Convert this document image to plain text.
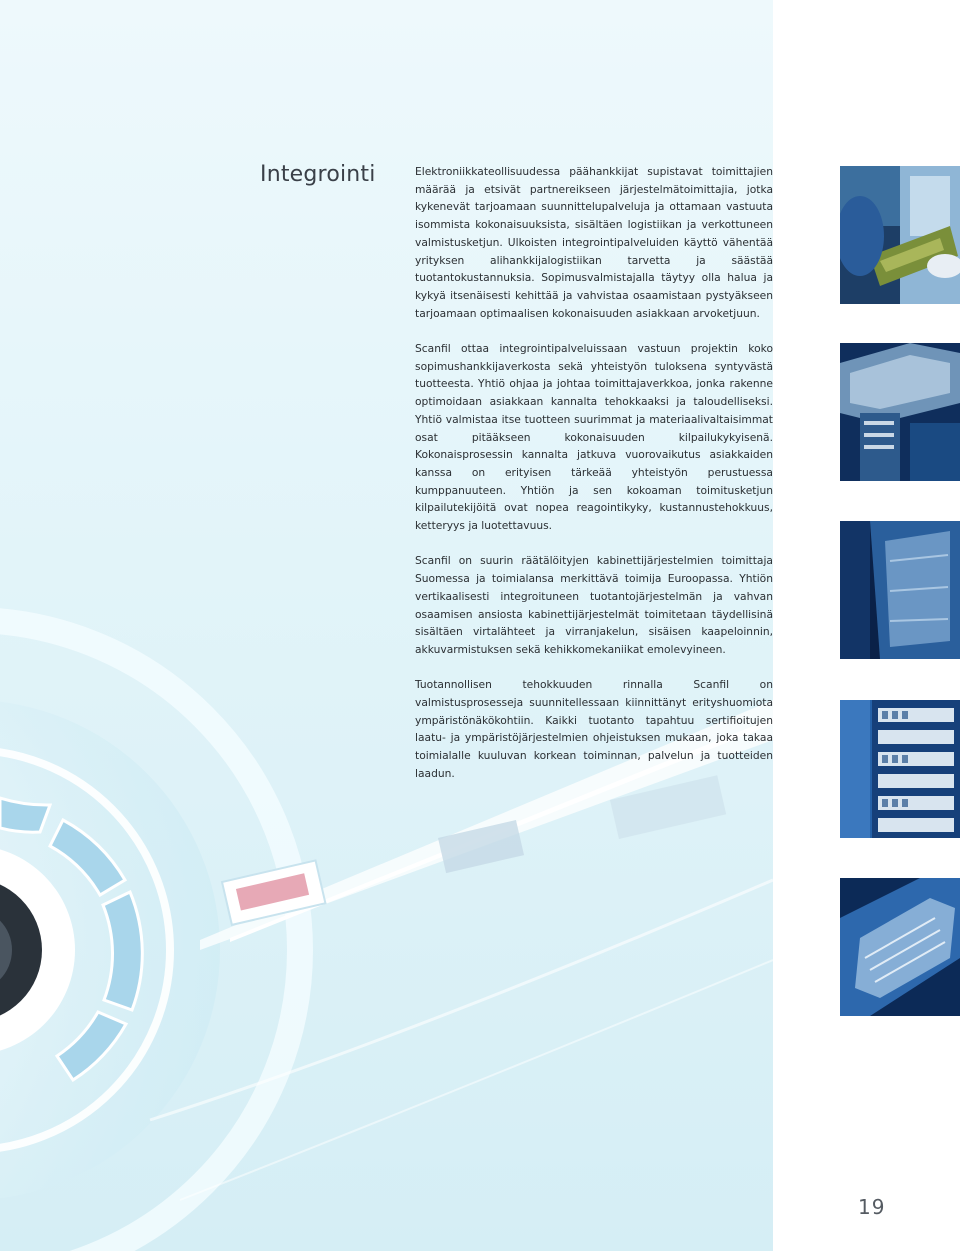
Integrointi	Elektroniikkateollisuudessa päähankkijat supistavat toimittajien määrää ja etsivät partnereikseen järjestelmätoimittajia, jotka kykenevät tarjoamaan suunnittelupalveluja ja ottamaan vastuuta isommista kokonaisuuksista, sisältäen logistiikan ja verkottuneen valmistusketjun. Ulkoisten integrointipalveluiden käyttö vähentää yrityksen alihankkijalogistiikan tarvetta ja säästää tuotantokustannuksia. Sopimusvalmistajalla täytyy olla halua ja kykyä itsenäisesti kehittää ja vahvistaa osaamistaan pystyäkseen tarjoamaan optimaalisen kokonaisuuden asiakkaan arvoketjuun.

Scanfil ottaa integrointipalveluissaan vastuun projektin koko sopimushankkijaverkosta sekä yhteistyön tuloksena syntyvästä tuotteesta. Yhtiö ohjaa ja johtaa toimittajaverkkoa, jonka rakenne optimoidaan asiakkaan kannalta tehokkaaksi ja taloudelliseksi. Yhtiö valmistaa itse tuotteen suurimmat ja materiaalivaltaisimmat osat pitääkseen kokonaisuuden kilpailukykyisenä. Kokonaisprosessin kannalta jatkuva vuorovaikutus asiakkaiden kanssa on erityisen tärkeää yhteistyön perustuessa kumppanuuteen. Yhtiön ja sen kokoaman toimitusketjun kilpailutekijöitä ovat nopea reagointikyky, kustannustehokkuus, ketteryys ja luotettavuus.

Scanfil on suurin räätälöityjen kabinettijärjestelmien toimittaja Suomessa ja toimialansa merkittävä toimija Euroopassa. Yhtiön vertikaalisesti integroituneen tuotantojärjestelmän ja vahvan osaamisen ansiosta kabinettijärjestelmät toimitetaan täydellisinä sisältäen virtalähteet ja virranjakelun, sisäisen kaapeloinnin, akkuvarmistuksen sekä kehikkomekaniikat emolevyineen.

Tuotannollisen tehokkuuden rinnalla Scanfil on valmistusprosesseja suunnitellessaan kiinnittänyt erityshuomiota ympäristönäkökohtiin. Kaikki tuotanto tapahtuu sertifioitujen laatu- ja ympäristöjärjestelmien ohjeistuksen mukaan, joka takaa toimialalle kuuluvan korkean toiminnan, palvelun ja tuotteiden laadun.

19
